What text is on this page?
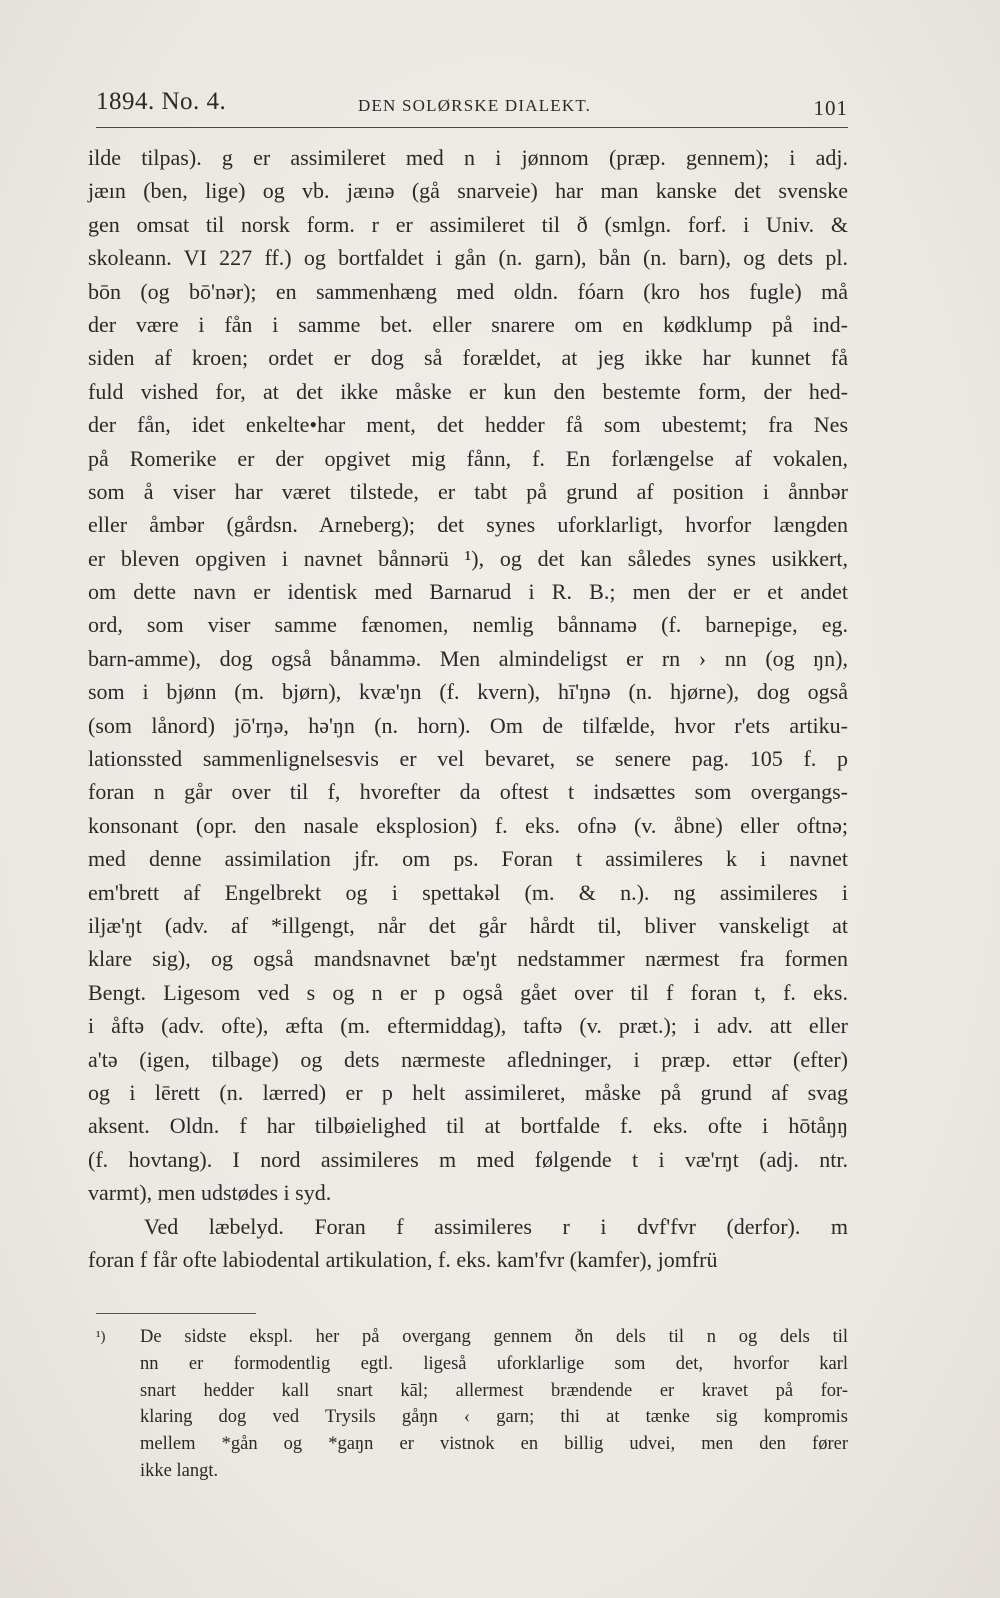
1894. No. 4.	DEN SOLØRSKE DIALEKT.	101
ilde tilpas). g er assimileret med n i jønnom (præp. gennem); i adj.
jæın (ben, lige) og vb. jæınə (gå snarveie) har man kanske det svenske
gen omsat til norsk form. r er assimileret til ð (smlgn. forf. i Univ. &
skoleann. VI 227 ff.) og bortfaldet i gån (n. garn), bån (n. barn), og dets pl.
bōn (og bō'nər); en sammenhæng med oldn. fóarn (kro hos fugle) må
der være i fån i samme bet. eller snarere om en kødklump på ind-
siden af kroen; ordet er dog så forældet, at jeg ikke har kunnet få
fuld vished for, at det ikke måske er kun den bestemte form, der hed-
der fån, idet enkelte•har ment, det hedder få som ubestemt; fra Nes
på Romerike er der opgivet mig fånn, f. En forlængelse af vokalen,
som å viser har været tilstede, er tabt på grund af position i ånnbər
eller åmbər (gårdsn. Arneberg); det synes uforklarligt, hvorfor længden
er bleven opgiven i navnet bånnərü ¹), og det kan således synes usikkert,
om dette navn er identisk med Barnarud i R. B.; men der er et andet
ord, som viser samme fænomen, nemlig bånnamə (f. barnepige, eg.
barn-amme), dog også bånammə. Men almindeligst er rn › nn (og ŋn),
som i bjønn (m. bjørn), kvæ'ŋn (f. kvern), hī'ŋnə (n. hjørne), dog også
(som lånord) jō'rŋə, hə'ŋn (n. horn). Om de tilfælde, hvor r'ets artiku-
lationssted sammenlignelsesvis er vel bevaret, se senere pag. 105 f. p
foran n går over til f, hvorefter da oftest t indsættes som overgangs-
konsonant (opr. den nasale eksplosion) f. eks. ofnə (v. åbne) eller oftnə;
med denne assimilation jfr. om ps. Foran t assimileres k i navnet
em'brett af Engelbrekt og i spettakəl (m. & n.). ng assimileres i
iljæ'ŋt (adv. af *illgengt, når det går hårdt til, bliver vanskeligt at
klare sig), og også mandsnavnet bæ'ŋt nedstammer nærmest fra formen
Bengt. Ligesom ved s og n er p også gået over til f foran t, f. eks.
i åftə (adv. ofte), æfta (m. eftermiddag), taftə (v. præt.); i adv. att eller
a'tə (igen, tilbage) og dets nærmeste afledninger, i præp. ettər (efter)
og i lērett (n. lærred) er p helt assimileret, måske på grund af svag
aksent. Oldn. f har tilbøielighed til at bortfalde f. eks. ofte i hōtåŋŋ
(f. hovtang). I nord assimileres m med følgende t i væ'rŋt (adj. ntr.
varmt), men udstødes i syd.
Ved læbelyd. Foran f assimileres r i dvf'fvr (derfor). m
foran f får ofte labiodental artikulation, f. eks. kam'fvr (kamfer), jomfrü
¹) De sidste ekspl. her på overgang gennem ðn dels til n og dels til
nn er formodentlig egtl. ligeså uforklarlige som det, hvorfor karl
snart hedder kall snart kāl; allermest brændende er kravet på for-
klaring dog ved Trysils gåŋn ‹ garn; thi at tænke sig kompromis
mellem *gån og *gaŋn er vistnok en billig udvei, men den fører
ikke langt.
